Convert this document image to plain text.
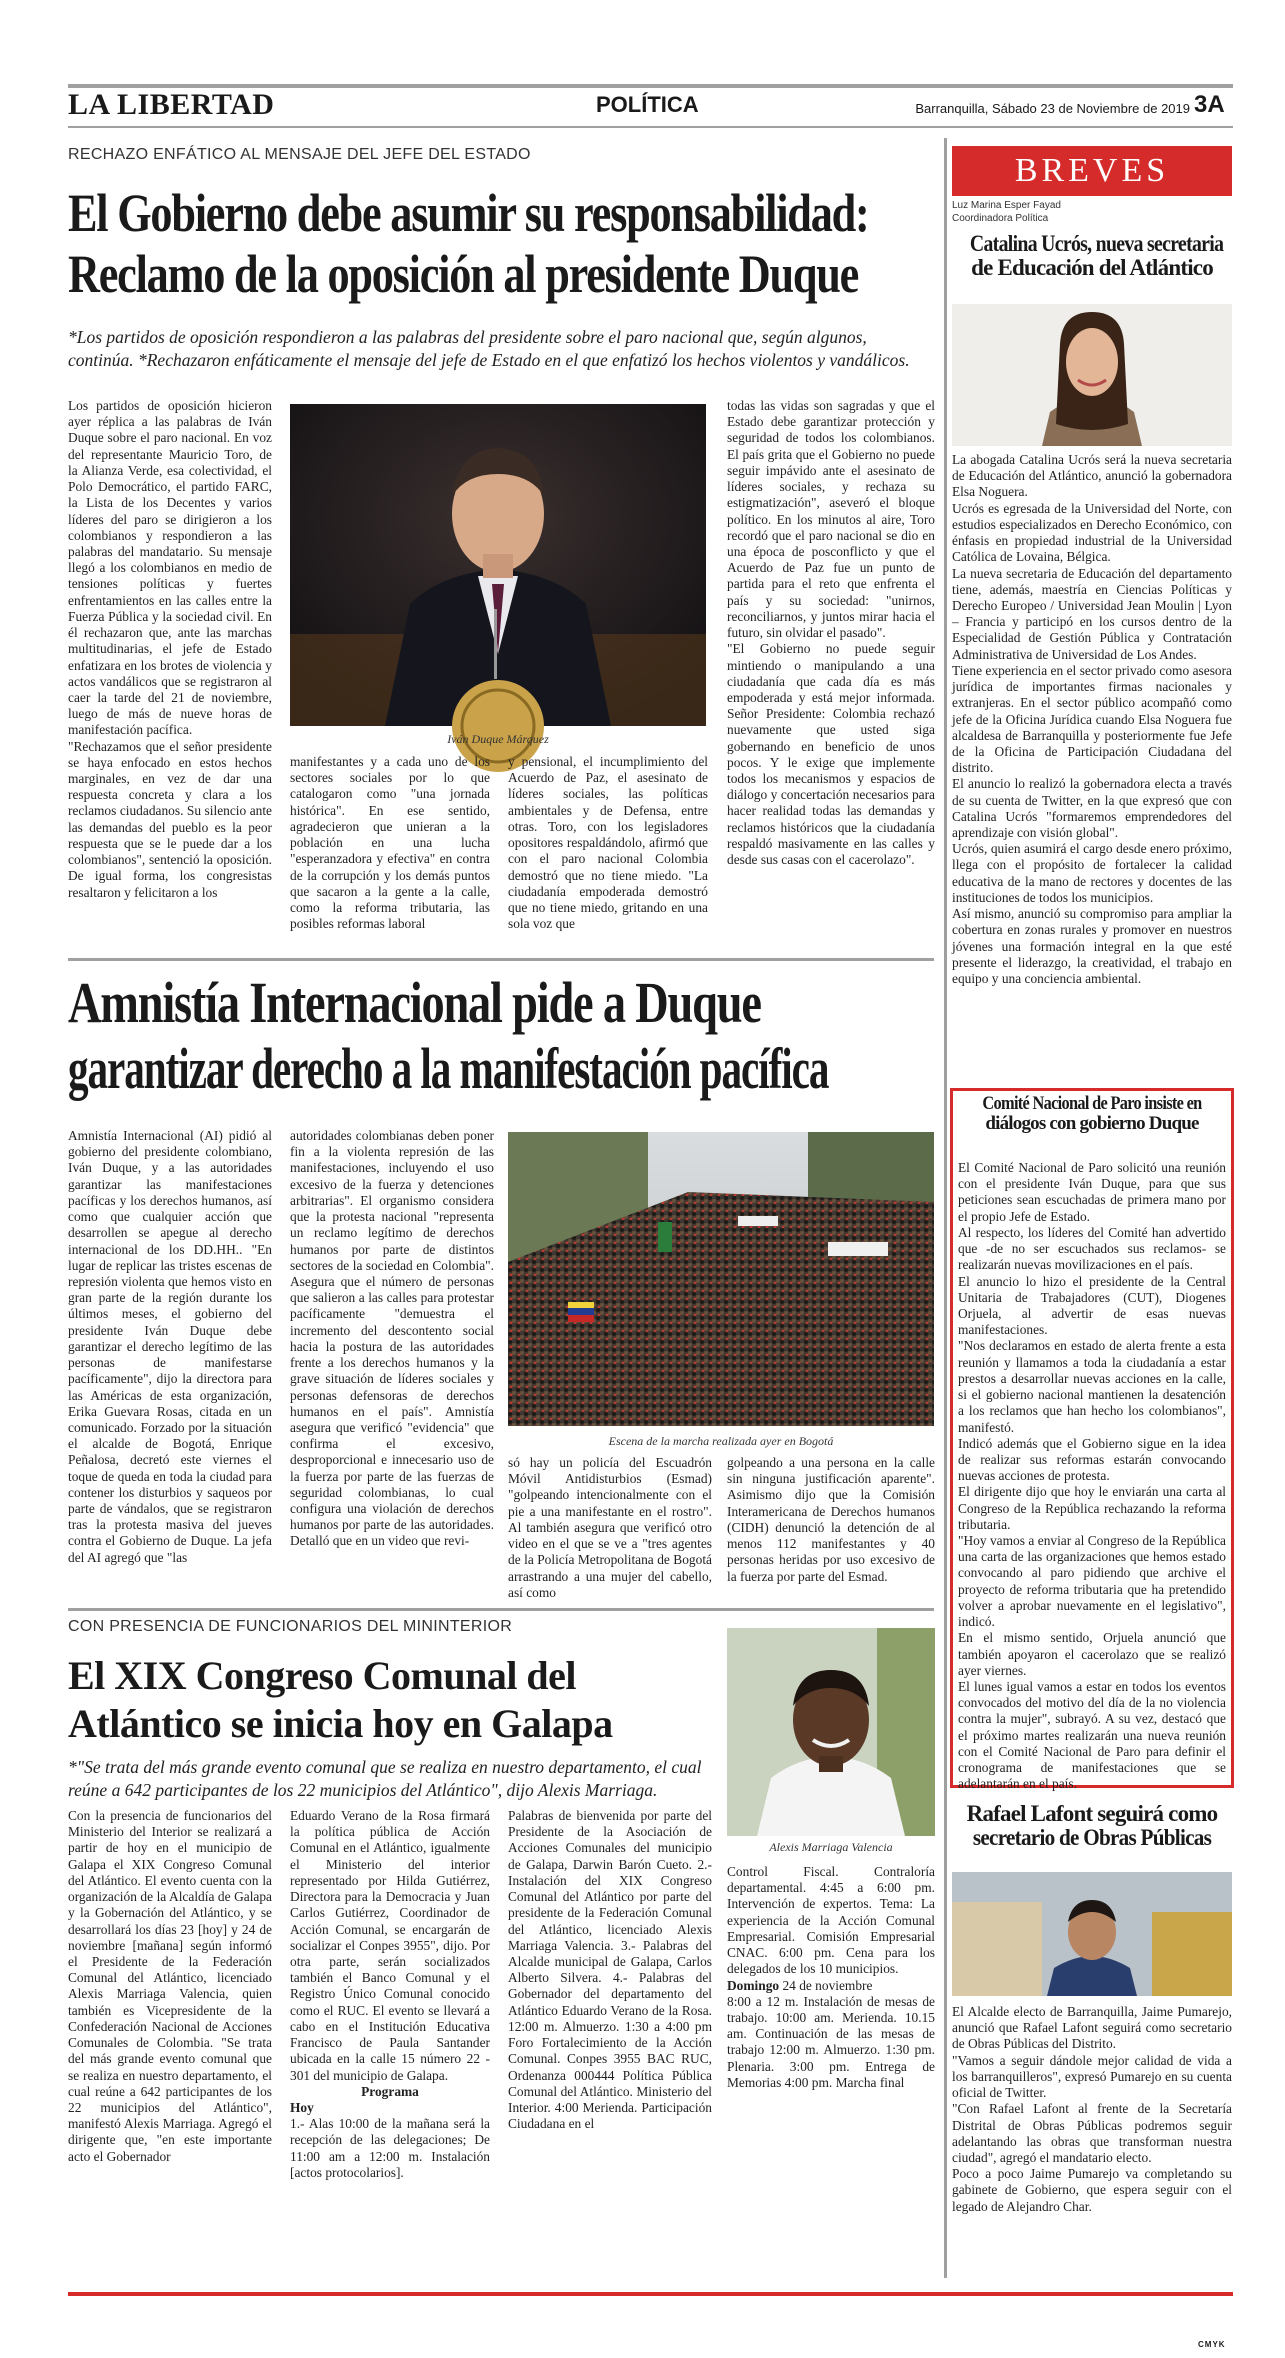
LA LIBERTAD	POLÍTICA	Barranquilla, Sábado 23 de Noviembre de 2019 3A
RECHAZO ENFÁTICO AL MENSAJE DEL JEFE DEL ESTADO
El Gobierno debe asumir su responsabilidad:
Reclamo de la oposición al presidente Duque
*Los partidos de oposición respondieron a las palabras del presidente sobre el paro nacional que, según algunos, continúa. *Rechazaron enfáticamente el mensaje del jefe de Estado en el que enfatizó los hechos violentos y vandálicos.

Los partidos de oposición hicieron ayer réplica a las palabras de Iván Duque sobre el paro nacional. En voz del representante Mauricio Toro, de la Alianza Verde, esa colectividad, el Polo Democrático, el partido FARC, la Lista de los Decentes y varios líderes del paro se dirigieron a los colombianos y respondieron a las palabras del mandatario. Su mensaje llegó a los colombianos en medio de tensiones políticas y fuertes enfrentamientos en las calles entre la Fuerza Pública y la sociedad civil. En él rechazaron que, ante las marchas multitudinarias, el jefe de Estado enfatizara en los brotes de violencia y actos vandálicos que se registraron al caer la tarde del 21 de noviembre, luego de más de nueve horas de manifestación pacífica.

"Rechazamos que el señor presidente se haya enfocado en estos hechos marginales, en vez de dar una respuesta concreta y clara a los reclamos ciudadanos. Su silencio ante las demandas del pueblo es la peor respuesta que se le puede dar a los colombianos", sentenció la oposición. De igual forma, los congresistas resaltaron y felicitaron a los

Iván Duque Márquez
manifestantes y a cada uno de los sectores sociales por lo que catalogaron como "una jornada histórica". En ese sentido, agradecieron que unieran a la población en una lucha "esperanzadora y efectiva" en contra de la corrupción y los demás puntos que sacaron a la gente a la calle, como la reforma tributaria, las posibles reformas laboral
y pensional, el incumplimiento del Acuerdo de Paz, el asesinato de líderes sociales, las políticas ambientales y de Defensa, entre otras. Toro, con los legisladores opositores respaldándolo, afirmó que con el paro nacional Colombia demostró que no tiene miedo. "La ciudadanía empoderada demostró que no tiene miedo, gritando en una sola voz que

todas las vidas son sagradas y que el Estado debe garantizar protección y seguridad de todos los colombianos. El país grita que el Gobierno no puede seguir impávido ante el asesinato de líderes sociales, y rechaza su estigmatización", aseveró el bloque político. En los minutos al aire, Toro recordó que el paro nacional se dio en una época de posconflicto y que el Acuerdo de Paz fue un punto de partida para el reto que enfrenta el país y su sociedad: "unirnos, reconciliarnos, y juntos mirar hacia el futuro, sin olvidar el pasado".

"El Gobierno no puede seguir mintiendo o manipulando a una ciudadanía que cada día es más empoderada y está mejor informada. Señor Presidente: Colombia rechazó nuevamente que usted siga gobernando en beneficio de unos pocos. Y le exige que implemente todos los mecanismos y espacios de diálogo y concertación necesarios para hacer realidad todas las demandas y reclamos históricos que la ciudadanía respaldó masivamente en las calles y desde sus casas con el cacerolazo".

Amnistía Internacional pide a Duque
garantizar derecho a la manifestación pacífica
Amnistía Internacional (AI) pidió al gobierno del presidente colombiano, Iván Duque, y a las autoridades garantizar las manifestaciones pacíficas y los derechos humanos, así como que cualquier acción que desarrollen se apegue al derecho internacional de los DD.HH.. "En lugar de replicar las tristes escenas de represión violenta que hemos visto en gran parte de la región durante los últimos meses, el gobierno del presidente Iván Duque debe garantizar el derecho legítimo de las personas de manifestarse pacíficamente", dijo la directora para las Américas de esta organización, Erika Guevara Rosas, citada en un comunicado. Forzado por la situación el alcalde de Bogotá, Enrique Peñalosa, decretó este viernes el toque de queda en toda la ciudad para contener los disturbios y saqueos por parte de vándalos, que se registraron tras la protesta masiva del jueves contra el Gobierno de Duque. La jefa del AI agregó que "las
autoridades colombianas deben poner fin a la violenta represión de las manifestaciones, incluyendo el uso excesivo de la fuerza y detenciones arbitrarias". El organismo considera que la protesta nacional "representa un reclamo legítimo de derechos humanos por parte de distintos sectores de la sociedad en Colombia". Asegura que el número de personas que salieron a las calles para protestar pacíficamente "demuestra el incremento del descontento social hacia la postura de las autoridades frente a los derechos humanos y la grave situación de líderes sociales y personas defensoras de derechos humanos en el país". Amnistía asegura que verificó "evidencia" que confirma el excesivo, desproporcional e innecesario uso de la fuerza por parte de las fuerzas de seguridad colombianas, lo cual configura una violación de derechos humanos por parte de las autoridades. Detalló que en un video que revi-
Escena de la marcha realizada ayer en Bogotá
só hay un policía del Escuadrón Móvil Antidisturbios (Esmad) "golpeando intencionalmente con el pie a una manifestante en el rostro". Al también asegura que verificó otro video en el que se ve a "tres agentes de la Policía Metropolitana de Bogotá arrastrando a una mujer del cabello, así como
golpeando a una persona en la calle sin ninguna justificación aparente". Asimismo dijo que la Comisión Interamericana de Derechos humanos (CIDH) denunció la detención de al menos 112 manifestantes y 40 personas heridas por uso excesivo de la fuerza por parte del Esmad.
CON PRESENCIA DE FUNCIONARIOS DEL MININTERIOR
El XIX Congreso Comunal del
Atlántico se inicia hoy en Galapa
*"Se trata del más grande evento comunal que se realiza en nuestro departamento, el cual reúne a 642 participantes de los 22 municipios del Atlántico", dijo Alexis Marriaga.
Alexis Marriaga Valencia
Con la presencia de funcionarios del Ministerio del Interior se realizará a partir de hoy en el municipio de Galapa el XIX Congreso Comunal del Atlántico. El evento cuenta con la organización de la Alcaldía de Galapa y la Gobernación del Atlántico, y se desarrollará los días 23 [hoy] y 24 de noviembre [mañana] según informó el Presidente de la Federación Comunal del Atlántico, licenciado Alexis Marriaga Valencia, quien también es Vicepresidente de la Confederación Nacional de Acciones Comunales de Colombia. "Se trata del más grande evento comunal que se realiza en nuestro departamento, el cual reúne a 642 participantes de los 22 municipios del Atlántico", manifestó Alexis Marriaga. Agregó el dirigente que, "en este importante acto el Gobernador

Eduardo Verano de la Rosa firmará la política pública de Acción Comunal en el Atlántico, igualmente el Ministerio del interior representado por Hilda Gutiérrez, Directora para la Democracia y Juan Carlos Gutiérrez, Coordinador de Acción Comunal, se encargarán de socializar el Conpes 3955", dijo. Por otra parte, serán socializados también el Banco Comunal y el Registro Único Comunal conocido como el RUC. El evento se llevará a cabo en el Institución Educativa Francisco de Paula Santander ubicada en la calle 15 número 22 - 301 del municipio de Galapa.

Programa

Hoy

1.- Alas 10:00 de la mañana será la recepción de las delegaciones; De 11:00 am a 12:00 m. Instalación [actos protocolarios].

Palabras de bienvenida por parte del Presidente de la Asociación de Acciones Comunales del municipio de Galapa, Darwin Barón Cueto. 2.- Instalación del XIX Congreso Comunal del Atlántico por parte del presidente de la Federación Comunal del Atlántico, licenciado Alexis Marriaga Valencia. 3.- Palabras del Alcalde municipal de Galapa, Carlos Alberto Silvera. 4.- Palabras del Gobernador del departamento del Atlántico Eduardo Verano de la Rosa. 12:00 m. Almuerzo. 1:30 a 4:00 pm Foro Fortalecimiento de la Acción Comunal. Conpes 3955 BAC RUC, Ordenanza 000444 Política Pública Comunal del Atlántico. Ministerio del Interior. 4:00 Merienda. Participación Ciudadana en el

Control Fiscal. Contraloría departamental. 4:45 a 6:00 pm. Intervención de expertos. Tema: La experiencia de la Acción Comunal Empresarial. Comisión Empresarial CNAC. 6:00 pm. Cena para los delegados de los 10 municipios.

Domingo 24 de noviembre

8:00 a 12 m. Instalación de mesas de trabajo. 10:00 am. Merienda. 10.15 am. Continuación de las mesas de trabajo 12:00 m. Almuerzo. 1:30 pm. Plenaria. 3:00 pm. Entrega de Memorias 4:00 pm. Marcha final

BREVES
Luz Marina Esper Fayad
Coordinadora Política
Catalina Ucrós, nueva secretaria
de Educación del Atlántico

La abogada Catalina Ucrós será la nueva secretaria de Educación del Atlántico, anunció la gobernadora Elsa Noguera.

Ucrós es egresada de la Universidad del Norte, con estudios especializados en Derecho Económico, con énfasis en propiedad industrial de la Universidad Católica de Lovaina, Bélgica.

La nueva secretaria de Educación del departamento tiene, además, maestría en Ciencias Políticas y Derecho Europeo / Universidad Jean Moulin | Lyon – Francia y participó en los cursos dentro de la Especialidad de Gestión Pública y Contratación Administrativa de Universidad de Los Andes.

Tiene experiencia en el sector privado como asesora jurídica de importantes firmas nacionales y extranjeras. En el sector público acompañó como jefe de la Oficina Jurídica cuando Elsa Noguera fue alcaldesa de Barranquilla y posteriormente fue Jefe de la Oficina de Participación Ciudadana del distrito.

El anuncio lo realizó la gobernadora electa a través de su cuenta de Twitter, en la que expresó que con Catalina Ucrós "formaremos emprendedores del aprendizaje con visión global".

Ucrós, quien asumirá el cargo desde enero próximo, llega con el propósito de fortalecer la calidad educativa de la mano de rectores y docentes de las instituciones de todos los municipios.

Así mismo, anunció su compromiso para ampliar la cobertura en zonas rurales y promover en nuestros jóvenes una formación integral en la que esté presente el liderazgo, la creatividad, el trabajo en equipo y una conciencia ambiental.

Comité Nacional de Paro insiste en
diálogos con gobierno Duque

El Comité Nacional de Paro solicitó una reunión con el presidente Iván Duque, para que sus peticiones sean escuchadas de primera mano por el propio Jefe de Estado.

Al respecto, los líderes del Comité han advertido que -de no ser escuchados sus reclamos- se realizarán nuevas movilizaciones en el país.

El anuncio lo hizo el presidente de la Central Unitaria de Trabajadores (CUT), Diogenes Orjuela, al advertir de esas nuevas manifestaciones.

"Nos declaramos en estado de alerta frente a esta reunión y llamamos a toda la ciudadanía a estar prestos a desarrollar nuevas acciones en la calle, si el gobierno nacional mantienen la desatención a los reclamos que han hecho los colombianos", manifestó.

Indicó además que el Gobierno sigue en la idea de realizar sus reformas estarán convocando nuevas acciones de protesta.

El dirigente dijo que hoy le enviarán una carta al Congreso de la República rechazando la reforma tributaria.

"Hoy vamos a enviar al Congreso de la República una carta de las organizaciones que hemos estado convocando al paro pidiendo que archive el proyecto de reforma tributaria que ha pretendido volver a aprobar nuevamente en el legislativo", indicó.

En el mismo sentido, Orjuela anunció que también apoyaron el cacerolazo que se realizó ayer viernes.

El lunes igual vamos a estar en todos los eventos convocados del motivo del día de la no violencia contra la mujer", subrayó. A su vez, destacó que el próximo martes realizarán una nueva reunión con el Comité Nacional de Paro para definir el cronograma de manifestaciones que se adelantarán en el país.

Rafael Lafont seguirá como
secretario de Obras Públicas

El Alcalde electo de Barranquilla, Jaime Pumarejo, anunció que Rafael Lafont seguirá como secretario de Obras Públicas del Distrito.

"Vamos a seguir dándole mejor calidad de vida a los barranquilleros", expresó Pumarejo en su cuenta oficial de Twitter.

"Con Rafael Lafont al frente de la Secretaría Distrital de Obras Públicas podremos seguir adelantando las obras que transforman nuestra ciudad", agregó el mandatario electo.

Poco a poco Jaime Pumarejo va completando su gabinete de Gobierno, que espera seguir con el legado de Alejandro Char.

CMYK
